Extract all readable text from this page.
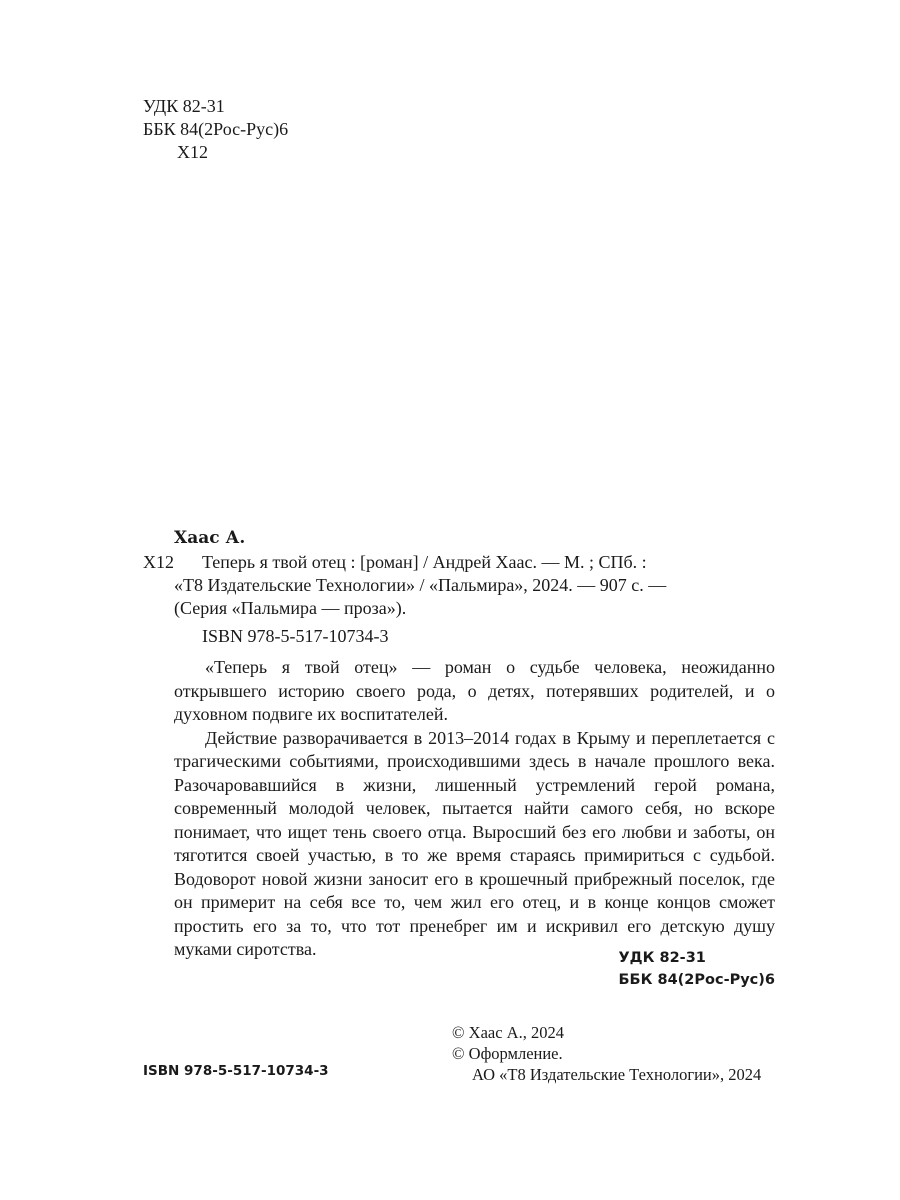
УДК 82-31
ББК 84(2Рос-Рус)6
Х12
Хаас А.
Х12	Теперь я твой отец : [роман] / Андрей Хаас. — М. ; СПб. :
«Т8 Издательские Технологии» / «Пальмира», 2024. — 907 с. —
(Серия «Пальмира — проза»).
ISBN 978-5-517-10734-3

«Теперь я твой отец» — роман о судьбе человека, неожиданно открывшего историю своего рода, о детях, потерявших родителей, и о духовном подвиге их воспитателей.

Действие разворачивается в 2013–2014 годах в Крыму и переплетается с трагическими событиями, происходившими здесь в начале прошлого века. Разочаровавшийся в жизни, лишенный устремлений герой романа, современный молодой человек, пытается найти самого себя, но вскоре понимает, что ищет тень своего отца. Выросший без его любви и заботы, он тяготится своей участью, в то же время стараясь примириться с судьбой. Водоворот новой жизни заносит его в крошечный прибрежный поселок, где он примерит на себя все то, чем жил его отец, и в конце концов сможет простить его за то, что тот пренебрег им и искривил его детскую душу муками сиротства.	УДК 82-31
ББК 84(2Рос-Рус)6
© Хаас А., 2024
© Оформление.
АО «Т8 Издательские Технологии», 2024
ISBN 978-5-517-10734-3
